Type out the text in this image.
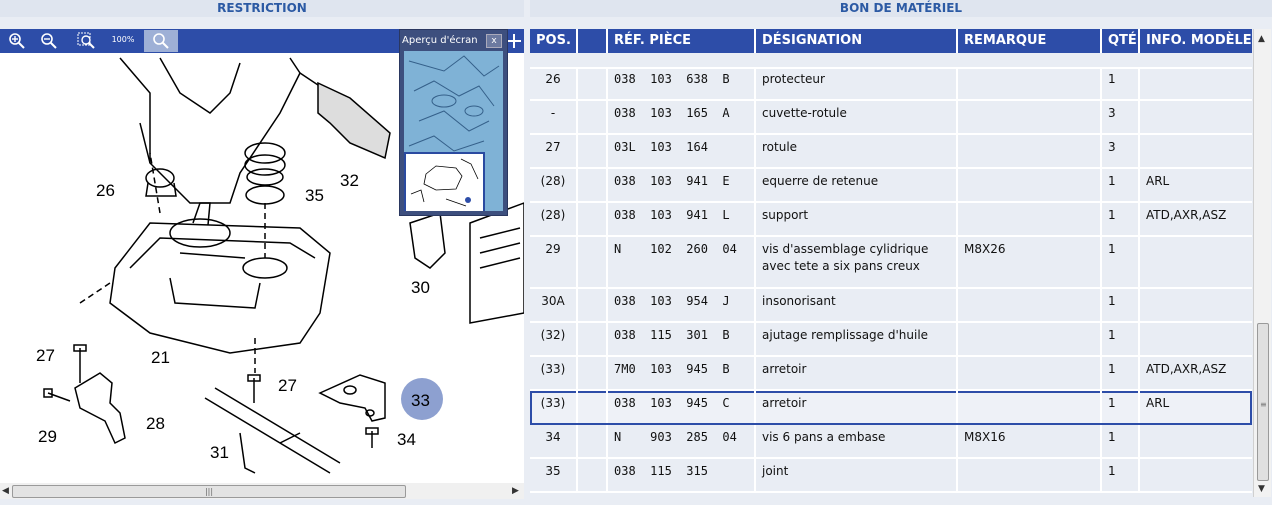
RESTRICTION
$^{100\%}$
26	35
32
30
21
27
28
29
27
31
33
34
◀	|||	▶
Aperçu d'écran	x
BON DE MATÉRIEL
POS.	RÉF. PIÈCE	DÉSIGNATION	REMARQUE	QTÉ INFO. MODÈLE
26	038  103  638  B	protecteur	1
-	038  103  165  A	cuvette-rotule	3
27	03L  103  164	rotule	3
(28)	038  103  941  E	equerre de retenue	1	ARL
(28)	038  103  941  L	support	1	ATD,AXR,ASZ
29	N    102  260  04	vis d'assemblage cylidrique
avec tete a six pans creux
M8X26	1
30A	038  103  954  J	insonorisant	1
(32)	038  115  301  B	ajutage remplissage d'huile	1
(33)	7M0  103  945  B	arretoir	1	ATD,AXR,ASZ
(33)	038  103  945  C	arretoir	1	ARL
34	N    903  285  04	vis 6 pans a embase	M8X16	1
35	038  115  315	joint	1
▲
≡
▼
